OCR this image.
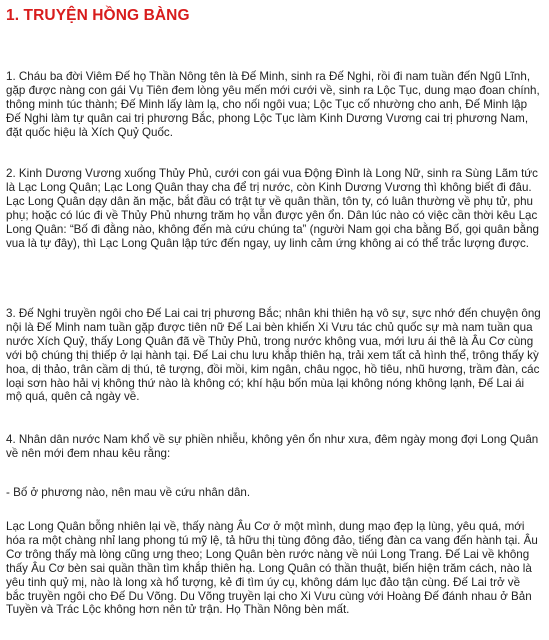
1. TRUYỆN HỒNG BÀNG

1. Cháu ba đời Viêm Đế họ Thần Nông tên là Đế Minh, sinh ra Đế Nghi, rồi đi nam tuần đến Ngũ Lĩnh, gặp được nàng con gái Vụ Tiên đem lòng yêu mến mới cưới về, sinh ra Lộc Tục, dung mạo đoan chính, thông minh túc thành; Đế Minh lấy làm lạ, cho nối ngôi vua; Lộc Tục cố nhường cho anh, Đế Minh lập Đế Nghi làm tự quân cai trị phương Bắc, phong Lộc Tục làm Kinh Dương Vương cai trị phương Nam, đặt quốc hiệu là Xích Quỷ Quốc.

2. Kinh Dương Vương xuống Thủy Phủ, cưới con gái vua Động Đình là Long Nữ, sinh ra Sùng Lãm tức là Lạc Long Quân; Lạc Long Quân thay cha để trị nước, còn Kinh Dương Vương thì không biết đi đâu. Lạc Long Quân dạy dân ăn mặc, bắt đầu có trật tự về quân thần, tôn ty, có luân thường về phụ tử, phu phụ; hoặc có lúc đi về Thủy Phủ nhưng trăm họ vẫn được yên ổn. Dân lúc nào có việc cần thời kêu Lạc Long Quân: “Bố đi đằng nào, không đến mà cứu chúng ta” (người Nam gọi cha bằng Bố, gọi quân bằng vua là tự đây), thì Lạc Long Quân lập tức đến ngay, uy linh cảm ứng không ai có thể trắc lượng được.

3. Đế Nghi truyền ngôi cho Đế Lai cai trị phương Bắc; nhân khi thiên hạ vô sự, sực nhớ đến chuyện ông nội là Đế Minh nam tuần gặp được tiên nữ Đế Lai bèn khiến Xi Vưu tác chủ quốc sự mà nam tuần qua nước Xích Quỷ, thấy Long Quân đã về Thủy Phủ, trong nước không vua, mới lưu ái thê là Âu Cơ cùng với bộ chúng thị thiếp ở lại hành tại. Đế Lai chu lưu khắp thiên hạ, trải xem tất cả hình thể, trông thấy kỳ hoa, dị thảo, trân cầm dị thú, tê tượng, đồi mồi, kim ngân, châu ngọc, hồ tiêu, nhũ hương, trầm đàn, các loại sơn hào hải vị không thứ nào là không có; khí hậu bốn mùa lại không nóng không lạnh, Đế Lai ái mộ quá, quên cả ngày về.

4. Nhân dân nước Nam khổ về sự phiền nhiễu, không yên ổn như xưa, đêm ngày mong đợi Long Quân về nên mới đem nhau kêu rằng:

- Bố ở phương nào, nên mau về cứu nhân dân.

Lạc Long Quân bỗng nhiên lại về, thấy nàng Âu Cơ ở một mình, dung mạo đẹp lạ lùng, yêu quá, mới hóa ra một chàng nhỉ lang phong tú mỹ lệ, tả hữu thị tùng đông đảo, tiếng đàn ca vang đến hành tại. Âu Cơ trông thấy mà lòng cũng ưng theo; Long Quân bèn rước nàng về núi Long Trang. Đế Lai về không thấy Âu Cơ bèn sai quần thần tìm khắp thiên hạ. Long Quân có thần thuật, biến hiện trăm cách, nào là yêu tinh quỷ mị, nào là long xà hổ tượng, kẻ đi tìm úy cụ, không dám lục đảo tận cùng. Đế Lai trở về bắc truyền ngôi cho Đế Du Võng. Du Võng truyền lại cho Xi Vưu cùng với Hoàng Đế đánh nhau ở Bản Tuyền và Trác Lộc không hơn nên tử trận. Họ Thần Nông bèn mất.
